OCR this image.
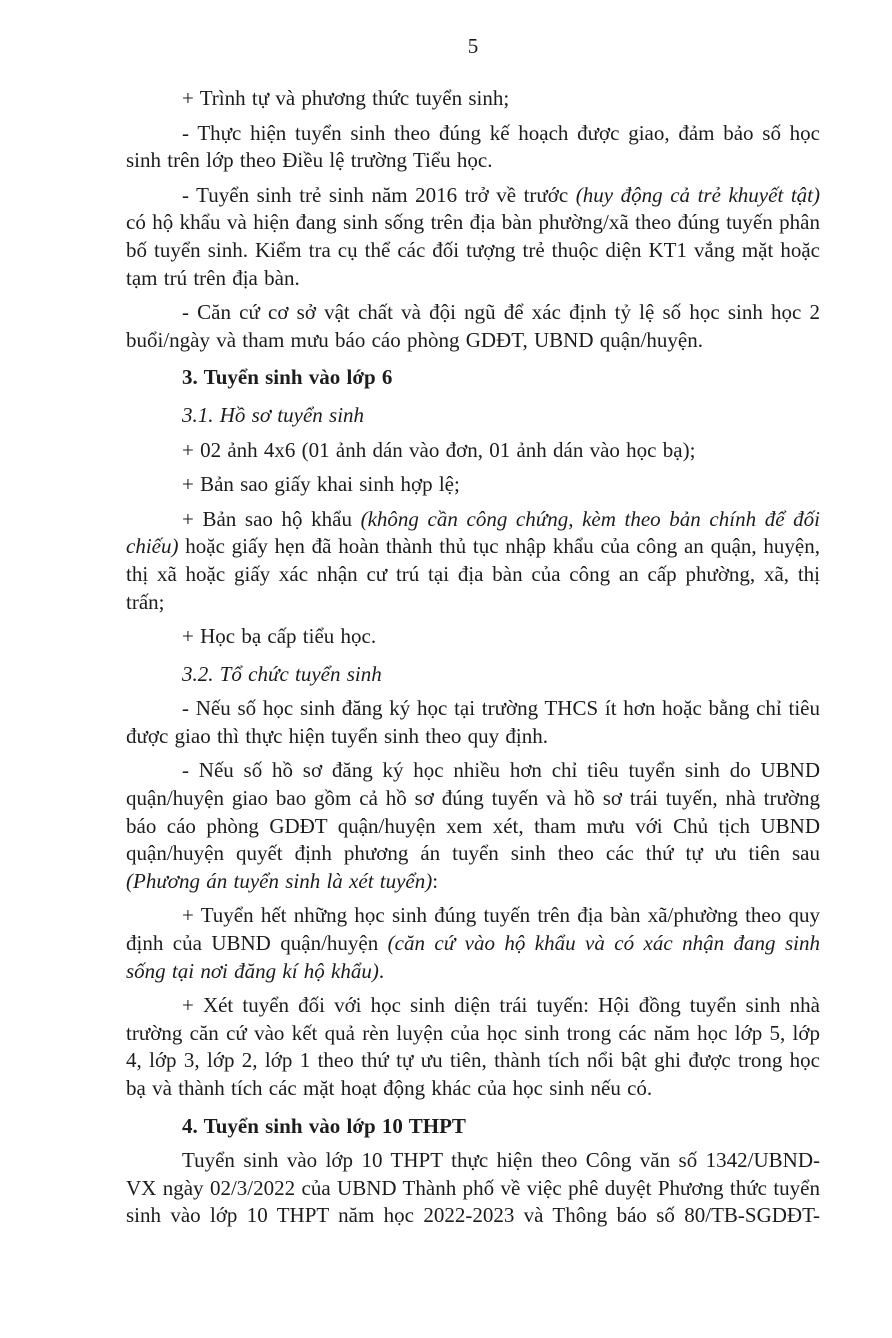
5

+ Trình tự và phương thức tuyển sinh;

- Thực hiện tuyển sinh theo đúng kế hoạch được giao, đảm bảo số học sinh trên lớp theo Điều lệ trường Tiểu học.

- Tuyển sinh trẻ sinh năm 2016 trở về trước (huy động cả trẻ khuyết tật) có hộ khẩu và hiện đang sinh sống trên địa bàn phường/xã theo đúng tuyến phân bố tuyển sinh. Kiểm tra cụ thể các đối tượng trẻ thuộc diện KT1 vắng mặt hoặc tạm trú trên địa bàn.

- Căn cứ cơ sở vật chất và đội ngũ để xác định tỷ lệ số học sinh học 2 buổi/ngày và tham mưu báo cáo phòng GDĐT, UBND quận/huyện.

3. Tuyển sinh vào lớp 6

3.1. Hồ sơ tuyển sinh

+ 02 ảnh 4x6 (01 ảnh dán vào đơn, 01 ảnh dán vào học bạ);

+ Bản sao giấy khai sinh hợp lệ;

+ Bản sao hộ khẩu (không cần công chứng, kèm theo bản chính để đối chiếu) hoặc giấy hẹn đã hoàn thành thủ tục nhập khẩu của công an quận, huyện, thị xã hoặc giấy xác nhận cư trú tại địa bàn của công an cấp phường, xã, thị trấn;

+ Học bạ cấp tiểu học.

3.2. Tổ chức tuyển sinh

- Nếu số học sinh đăng ký học tại trường THCS ít hơn hoặc bằng chỉ tiêu được giao thì thực hiện tuyển sinh theo quy định.

- Nếu số hồ sơ đăng ký học nhiều hơn chỉ tiêu tuyển sinh do UBND quận/huyện giao bao gồm cả hồ sơ đúng tuyến và hồ sơ trái tuyến, nhà trường báo cáo phòng GDĐT quận/huyện xem xét, tham mưu với Chủ tịch UBND quận/huyện quyết định phương án tuyển sinh theo các thứ tự ưu tiên sau (Phương án tuyển sinh là xét tuyển):

+ Tuyển hết những học sinh đúng tuyến trên địa bàn xã/phường theo quy định của UBND quận/huyện (căn cứ vào hộ khẩu và có xác nhận đang sinh sống tại nơi đăng kí hộ khẩu).

+ Xét tuyển đối với học sinh diện trái tuyến: Hội đồng tuyển sinh nhà trường căn cứ vào kết quả rèn luyện của học sinh trong các năm học lớp 5, lớp 4, lớp 3, lớp 2, lớp 1 theo thứ tự ưu tiên, thành tích nổi bật ghi được trong học bạ và thành tích các mặt hoạt động khác của học sinh nếu có.

4. Tuyển sinh vào lớp 10 THPT

Tuyển sinh vào lớp 10 THPT thực hiện theo Công văn số 1342/UBND-VX ngày 02/3/2022 của UBND Thành phố về việc phê duyệt Phương thức tuyển sinh vào lớp 10 THPT năm học 2022-2023 và Thông báo số 80/TB-SGDĐT-
